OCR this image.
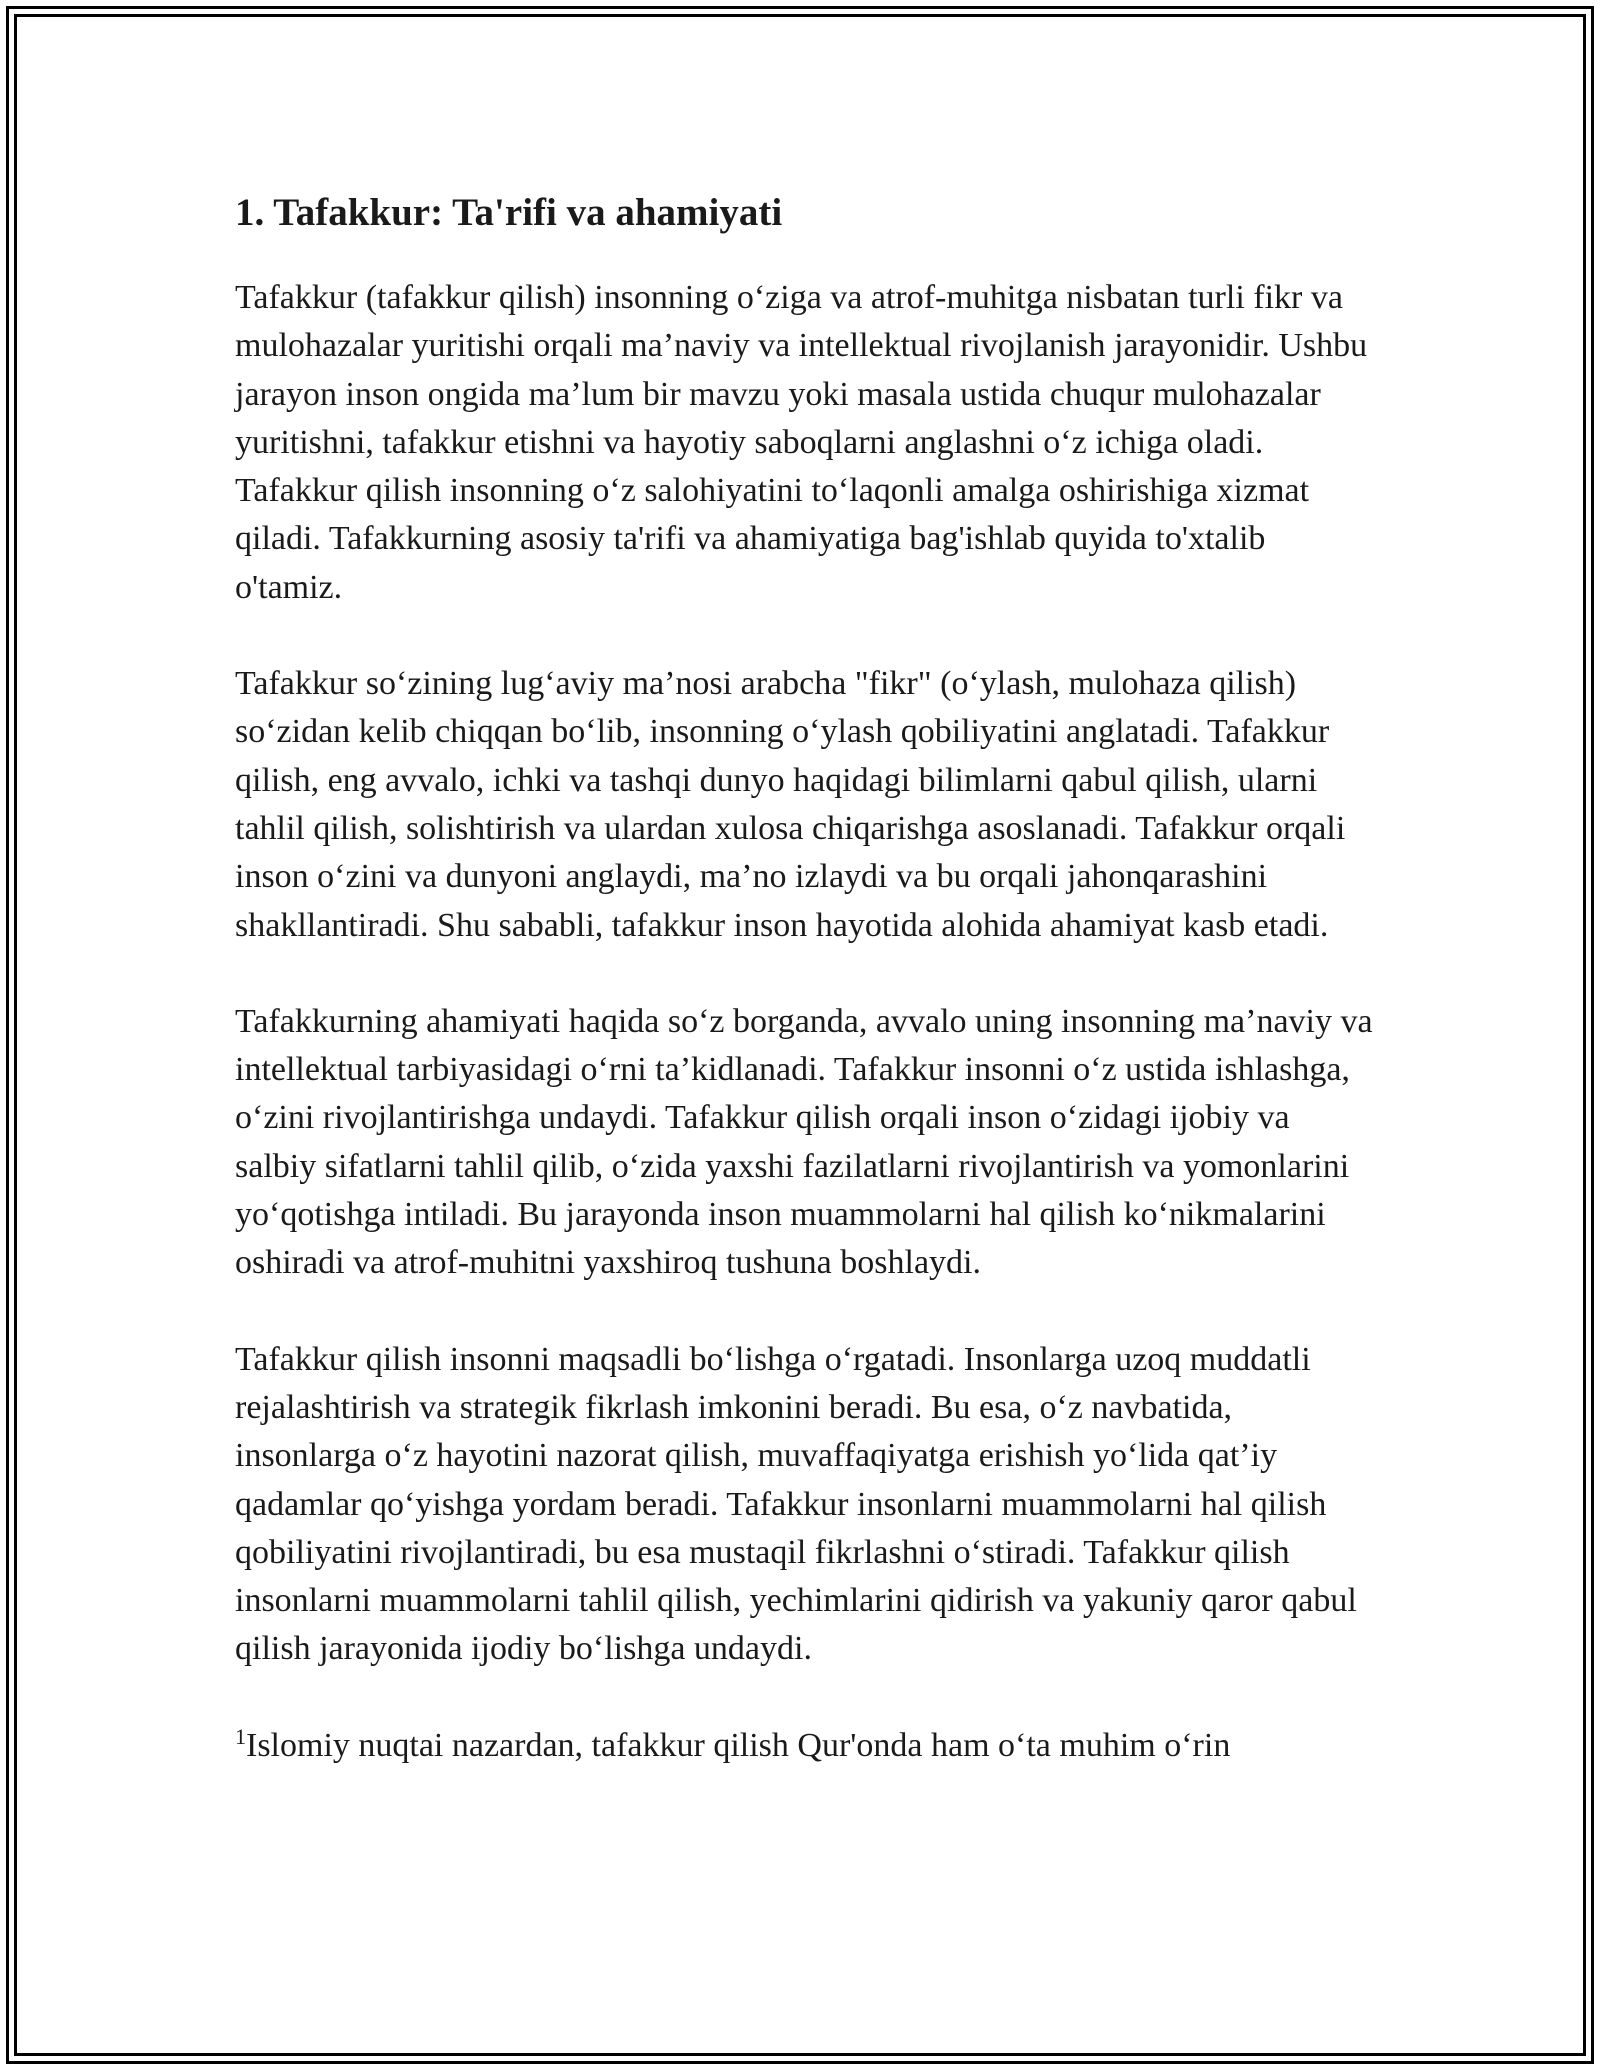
1. Tafakkur: Ta'rifi va ahamiyati

Tafakkur (tafakkur qilish) insonning o‘ziga va atrof-muhitga nisbatan turli fikr va mulohazalar yuritishi orqali ma’naviy va intellektual rivojlanish jarayonidir. Ushbu jarayon inson ongida ma’lum bir mavzu yoki masala ustida chuqur mulohazalar yuritishni, tafakkur etishni va hayotiy saboqlarni anglashni o‘z ichiga oladi. Tafakkur qilish insonning o‘z salohiyatini to‘laqonli amalga oshirishiga xizmat qiladi. Tafakkurning asosiy ta'rifi va ahamiyatiga bag'ishlab quyida to'xtalib o'tamiz.

Tafakkur so‘zining lug‘aviy ma’nosi arabcha "fikr" (o‘ylash, mulohaza qilish) so‘zidan kelib chiqqan bo‘lib, insonning o‘ylash qobiliyatini anglatadi. Tafakkur qilish, eng avvalo, ichki va tashqi dunyo haqidagi bilimlarni qabul qilish, ularni tahlil qilish, solishtirish va ulardan xulosa chiqarishga asoslanadi. Tafakkur orqali inson o‘zini va dunyoni anglaydi, ma’no izlaydi va bu orqali jahonqarashini shakllantiradi. Shu sababli, tafakkur inson hayotida alohida ahamiyat kasb etadi.

Tafakkurning ahamiyati haqida so‘z borganda, avvalo uning insonning ma’naviy va intellektual tarbiyasidagi o‘rni ta’kidlanadi. Tafakkur insonni o‘z ustida ishlashga, o‘zini rivojlantirishga undaydi. Tafakkur qilish orqali inson o‘zidagi ijobiy va salbiy sifatlarni tahlil qilib, o‘zida yaxshi fazilatlarni rivojlantirish va yomonlarini yo‘qotishga intiladi. Bu jarayonda inson muammolarni hal qilish ko‘nikmalarini oshiradi va atrof-muhitni yaxshiroq tushuna boshlaydi.

Tafakkur qilish insonni maqsadli bo‘lishga o‘rgatadi. Insonlarga uzoq muddatli rejalashtirish va strategik fikrlash imkonini beradi. Bu esa, o‘z navbatida, insonlarga o‘z hayotini nazorat qilish, muvaffaqiyatga erishish yo‘lida qat’iy qadamlar qo‘yishga yordam beradi. Tafakkur insonlarni muammolarni hal qilish qobiliyatini rivojlantiradi, bu esa mustaqil fikrlashni o‘stiradi. Tafakkur qilish insonlarni muammolarni tahlil qilish, yechimlarini qidirish va yakuniy qaror qabul qilish jarayonida ijodiy bo‘lishga undaydi.

$^1$Islomiy nuqtai nazardan, tafakkur qilish Qur'onda ham o‘ta muhim o‘rin
